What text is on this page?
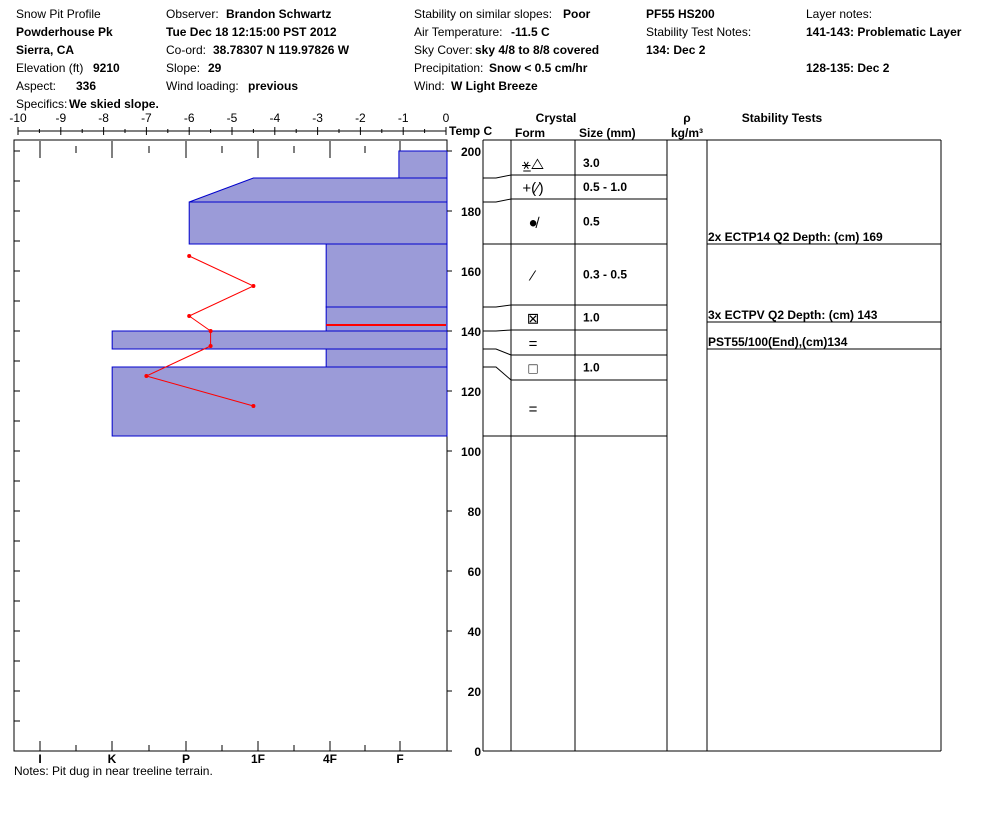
Snow Pit Profile
Powderhouse Pk
Sierra, CA
Elevation (ft) 9210
Aspect: 336
Specifics: We skied slope.
Observer: Brandon Schwartz
Tue Dec 18 12:15:00 PST 2012
Co-ord: 38.78307 N 119.97826 W
Slope: 29
Wind loading: previous
Stability on similar slopes: Poor
Air Temperature: -11.5 C
Sky Cover: sky 4/8 to 8/8 covered
Precipitation: Snow < 0.5 cm/hr
Wind: W Light Breeze
PF55 HS200
Stability Test Notes:
134: Dec 2
Layer notes:
141-143: Problematic Layer
128-135: Dec 2
-10 -9	-8	-7	-6	-5	-4	-3	-2	-1	0
Temp C
I	K	P	1F	4F	F	0
20
40
60
80
100
120
140
160
180
200
Crystal
Form	Size (mm)
ρ
kg/m³
Stability Tests
⚹̲△	3.0
+(⁄)	0.5 - 1.0
●̸	0.5
⁄	0.3 - 0.5
⊠	1.0
=
□	1.0
=
2x ECTP14 Q2 Depth: (cm) 169
3x ECTPV Q2 Depth: (cm) 143
PST55/100(End),(cm)134
Notes: Pit dug in near treeline terrain.
